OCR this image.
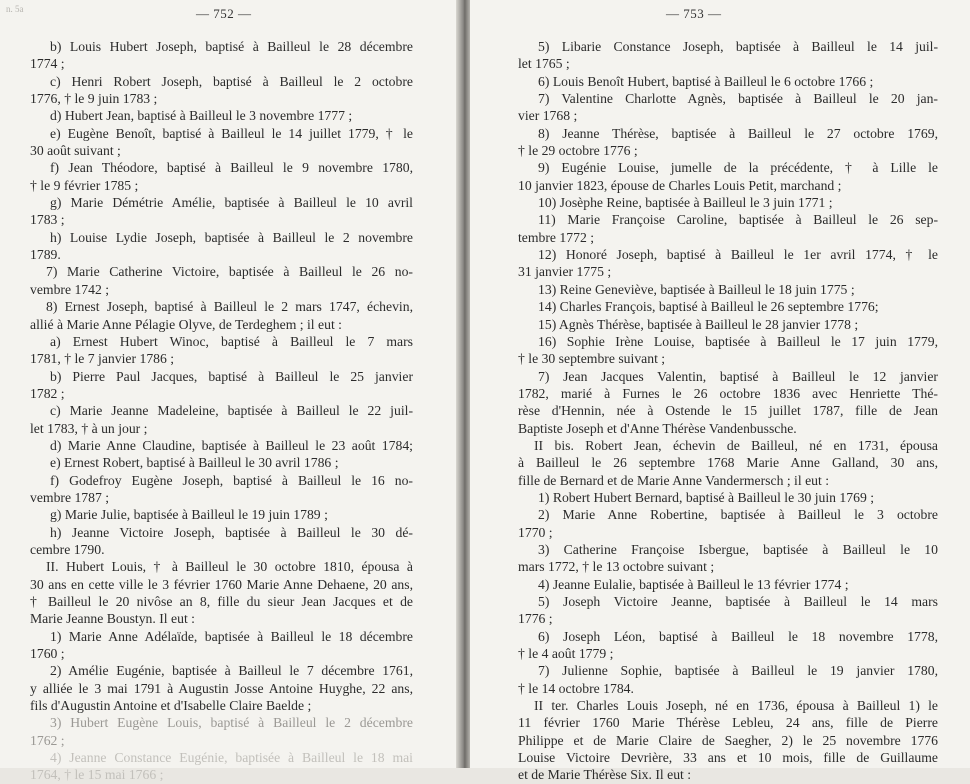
n. 5a	— 752 —
b) Louis Hubert Joseph, baptisé à Bailleul le 28 décembre
1774 ;
c) Henri Robert Joseph, baptisé à Bailleul le 2 octobre
1776, † le 9 juin 1783 ;
d) Hubert Jean, baptisé à Bailleul le 3 novembre 1777 ;
e) Eugène Benoît, baptisé à Bailleul le 14 juillet 1779, † le
30 août suivant ;
f) Jean Théodore, baptisé à Bailleul le 9 novembre 1780,
† le 9 février 1785 ;
g) Marie Démétrie Amélie, baptisée à Bailleul le 10 avril
1783 ;
h) Louise Lydie Joseph, baptisée à Bailleul le 2 novembre
1789.
7) Marie Catherine Victoire, baptisée à Bailleul le 26 no-
vembre 1742 ;
8) Ernest Joseph, baptisé à Bailleul le 2 mars 1747, échevin,
allié à Marie Anne Pélagie Olyve, de Terdeghem ; il eut :
a) Ernest Hubert Winoc, baptisé à Bailleul le 7 mars
1781, † le 7 janvier 1786 ;
b) Pierre Paul Jacques, baptisé à Bailleul le 25 janvier
1782 ;
c) Marie Jeanne Madeleine, baptisée à Bailleul le 22 juil-
let 1783, † à un jour ;
d) Marie Anne Claudine, baptisée à Bailleul le 23 août 1784;
e) Ernest Robert, baptisé à Bailleul le 30 avril 1786 ;
f) Godefroy Eugène Joseph, baptisé à Bailleul le 16 no-
vembre 1787 ;
g) Marie Julie, baptisée à Bailleul le 19 juin 1789 ;
h) Jeanne Victoire Joseph, baptisée à Bailleul le 30 dé-
cembre 1790.
II. Hubert Louis, † à Bailleul le 30 octobre 1810, épousa à
30 ans en cette ville le 3 février 1760 Marie Anne Dehaene, 20 ans,
† Bailleul le 20 nivôse an 8, fille du sieur Jean Jacques et de
Marie Jeanne Boustyn. Il eut :
1) Marie Anne Adélaïde, baptisée à Bailleul le 18 décembre
1760 ;
2) Amélie Eugénie, baptisée à Bailleul le 7 décembre 1761,
y alliée le 3 mai 1791 à Augustin Josse Antoine Huyghe, 22 ans,
fils d'Augustin Antoine et d'Isabelle Claire Baelde ;
3) Hubert Eugène Louis, baptisé à Bailleul le 2 décembre
1762 ;
4) Jeanne Constance Eugénie, baptisée à Bailleul le 18 mai
1764, † le 15 mai 1766 ;
— 753 —
5) Libarie Constance Joseph, baptisée à Bailleul le 14 juil-
let 1765 ;
6) Louis Benoît Hubert, baptisé à Bailleul le 6 octobre 1766 ;
7) Valentine Charlotte Agnès, baptisée à Bailleul le 20 jan-
vier 1768 ;
8) Jeanne Thérèse, baptisée à Bailleul le 27 octobre 1769,
† le 29 octobre 1776 ;
9) Eugénie Louise, jumelle de la précédente, † à Lille le
10 janvier 1823, épouse de Charles Louis Petit, marchand ;
10) Josèphe Reine, baptisée à Bailleul le 3 juin 1771 ;
11) Marie Françoise Caroline, baptisée à Bailleul le 26 sep-
tembre 1772 ;
12) Honoré Joseph, baptisé à Bailleul le 1er avril 1774, † le
31 janvier 1775 ;
13) Reine Geneviève, baptisée à Bailleul le 18 juin 1775 ;
14) Charles François, baptisé à Bailleul le 26 septembre 1776;
15) Agnès Thérèse, baptisée à Bailleul le 28 janvier 1778 ;
16) Sophie Irène Louise, baptisée à Bailleul le 17 juin 1779,
† le 30 septembre suivant ;
7) Jean Jacques Valentin, baptisé à Bailleul le 12 janvier
1782, marié à Furnes le 26 octobre 1836 avec Henriette Thé-
rèse d'Hennin, née à Ostende le 15 juillet 1787, fille de Jean
Baptiste Joseph et d'Anne Thérèse Vandenbussche.
II bis. Robert Jean, échevin de Bailleul, né en 1731, épousa
à Bailleul le 26 septembre 1768 Marie Anne Galland, 30 ans,
fille de Bernard et de Marie Anne Vandermersch ; il eut :
1) Robert Hubert Bernard, baptisé à Bailleul le 30 juin 1769 ;
2) Marie Anne Robertine, baptisée à Bailleul le 3 octobre
1770 ;
3) Catherine Françoise Isbergue, baptisée à Bailleul le 10
mars 1772, † le 13 octobre suivant ;
4) Jeanne Eulalie, baptisée à Bailleul le 13 février 1774 ;
5) Joseph Victoire Jeanne, baptisée à Bailleul le 14 mars
1776 ;
6) Joseph Léon, baptisé à Bailleul le 18 novembre 1778,
† le 4 août 1779 ;
7) Julienne Sophie, baptisée à Bailleul le 19 janvier 1780,
† le 14 octobre 1784.
II ter. Charles Louis Joseph, né en 1736, épousa à Bailleul 1) le
11 février 1760 Marie Thérèse Lebleu, 24 ans, fille de Pierre
Philippe et de Marie Claire de Saegher, 2) le 25 novembre 1776
Louise Victoire Devrière, 33 ans et 10 mois, fille de Guillaume
et de Marie Thérèse Six. Il eut :
